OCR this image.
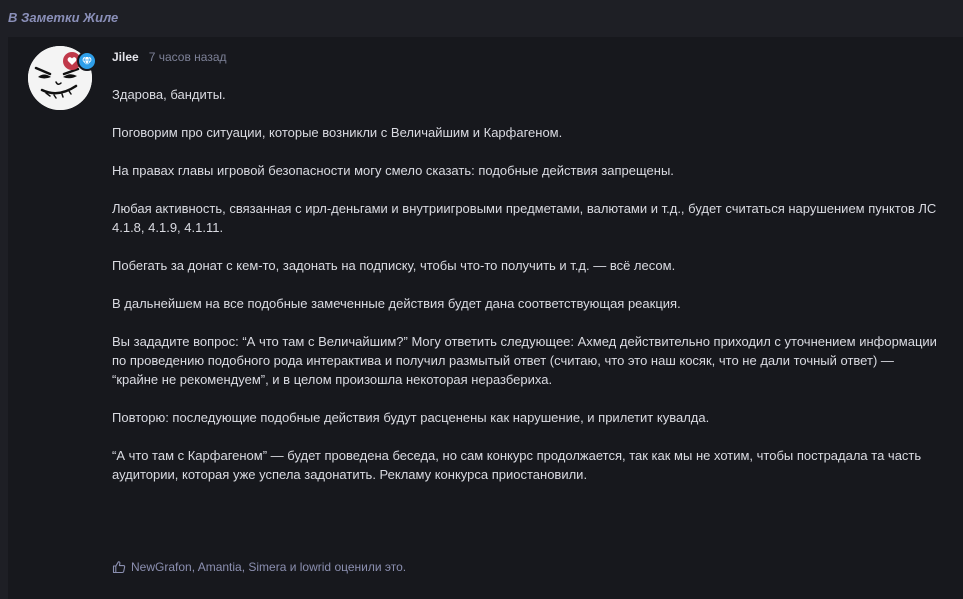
В Заметки Жиле
Jilee 7 часов назад

Здарова, бандиты.

Поговорим про ситуации, которые возникли с Величайшим и Карфагеном.

На правах главы игровой безопасности могу смело сказать: подобные действия запрещены.

Любая активность, связанная с ирл-деньгами и внутриигровыми предметами, валютами и т.д., будет считаться нарушением пунктов ЛС 4.1.8, 4.1.9, 4.1.11.

Побегать за донат с кем-то, задонать на подписку, чтобы что-то получить и т.д. — всё лесом.

В дальнейшем на все подобные замеченные действия будет дана соответствующая реакция.

Вы зададите вопрос: “А что там с Величайшим?” Могу ответить следующее: Ахмед действительно приходил с уточнением информации по проведению подобного рода интерактива и получил размытый ответ (считаю, что это наш косяк, что не дали точный ответ) — “крайне не рекомендуем”, и в целом произошла некоторая неразбериха.

Повторю: последующие подобные действия будут расценены как нарушение, и прилетит кувалда.

“А что там с Карфагеном” — будет проведена беседа, но сам конкурс продолжается, так как мы не хотим, чтобы пострадала та часть аудитории, которая уже успела задонатить. Рекламу конкурса приостановили.

NewGrafon, Amantia, Simera и lowrid оценили это.
